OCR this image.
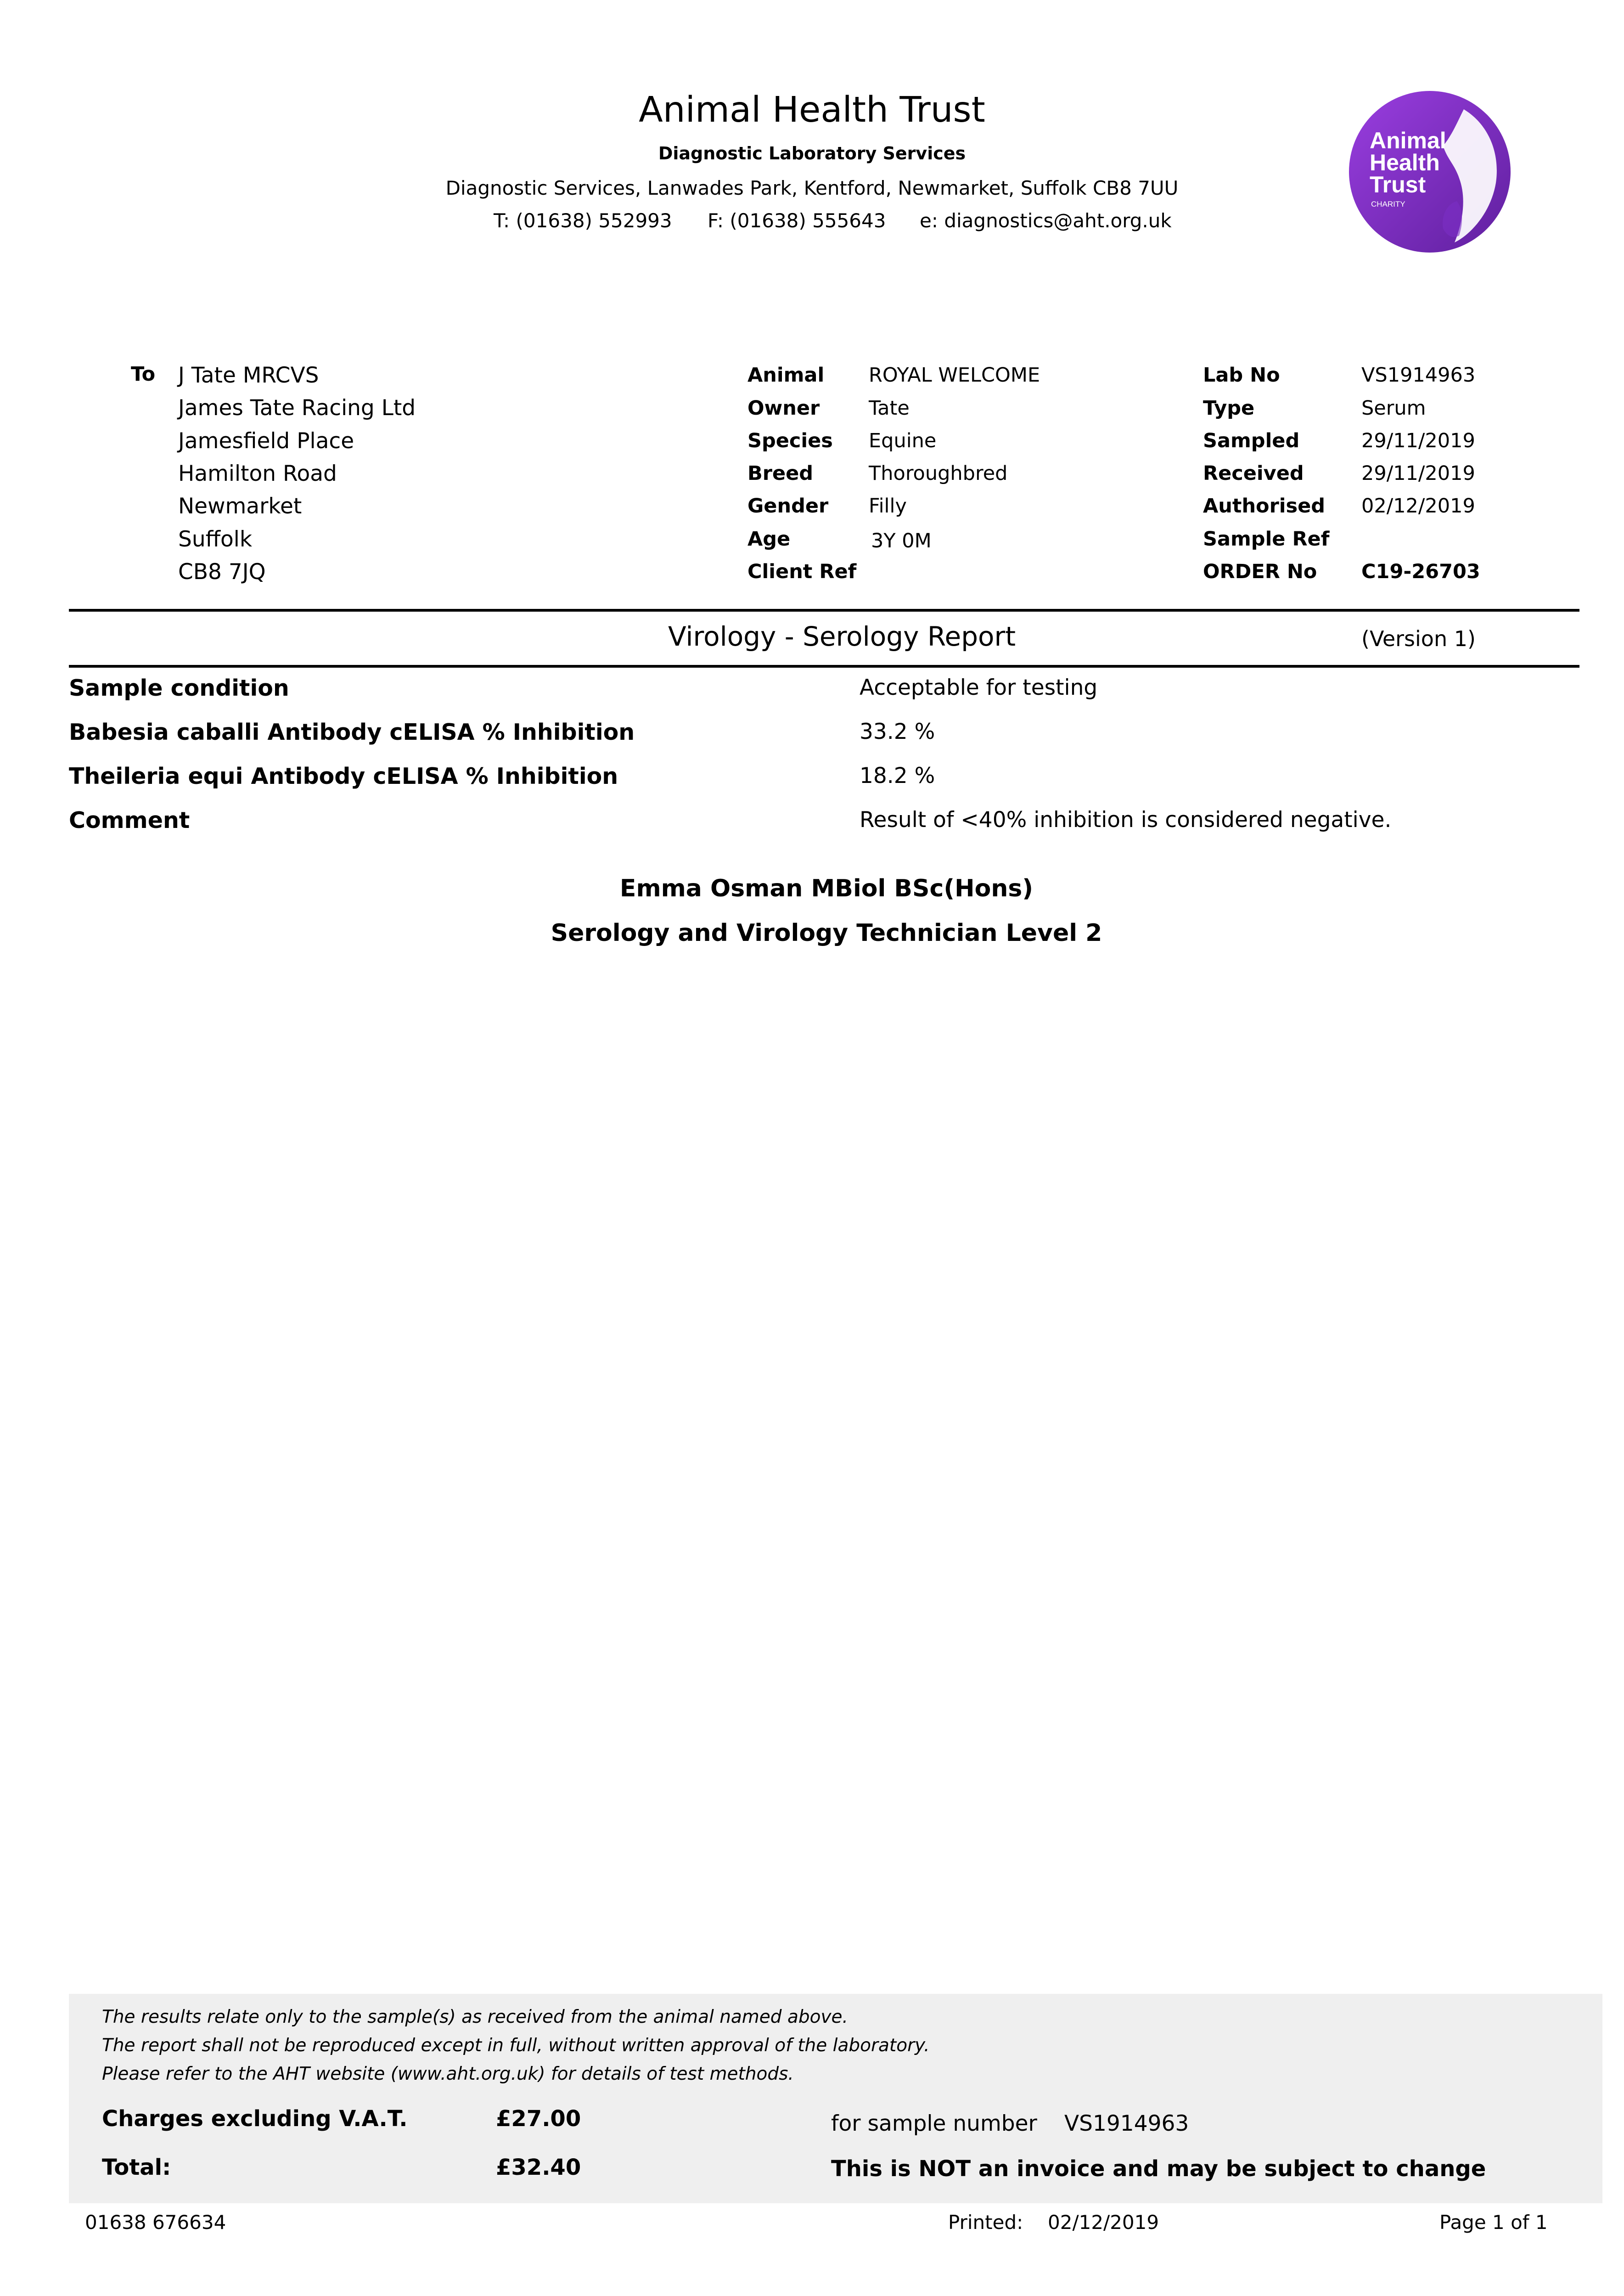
Animal Health Trust
Diagnostic Laboratory Services
Diagnostic Services, Lanwades Park, Kentford, Newmarket, Suffolk CB8 7UU
T: (01638) 552993 F: (01638) 555643 e: diagnostics@aht.org.uk
Animal
Health
Trust
CHARITY
To J Tate MRCVS
James Tate Racing Ltd
Jamesfield Place
Hamilton Road
Newmarket
Suffolk
CB8 7JQ
Animal ROYAL WELCOME
Owner Tate
Species Equine
Breed	Thoroughbred
Gender Filly
Age	3Y 0M
Client Ref
Lab No	VS1914963
Type	Serum
Sampled	29/11/2019
Received	29/11/2019
Authorised 02/12/2019
Sample Ref
ORDER No C19-26703
Virology - Serology Report	(Version 1)
Sample condition	Acceptable for testing
Babesia caballi Antibody cELISA % Inhibition	33.2 %
Theileria equi Antibody cELISA % Inhibition	18.2 %
Comment	Result of <40% inhibition is considered negative.
Emma Osman MBiol BSc(Hons)
Serology and Virology Technician Level 2
The results relate only to the sample(s) as received from the animal named above.
The report shall not be reproduced except in full, without written approval of the laboratory.
Please refer to the AHT website (www.aht.org.uk) for details of test methods.
Charges excluding V.A.T.	£27.00	for sample number VS1914963
Total:	£32.40	This is NOT an invoice and may be subject to change
01638 676634	Printed: 02/12/2019	Page 1 of 1
